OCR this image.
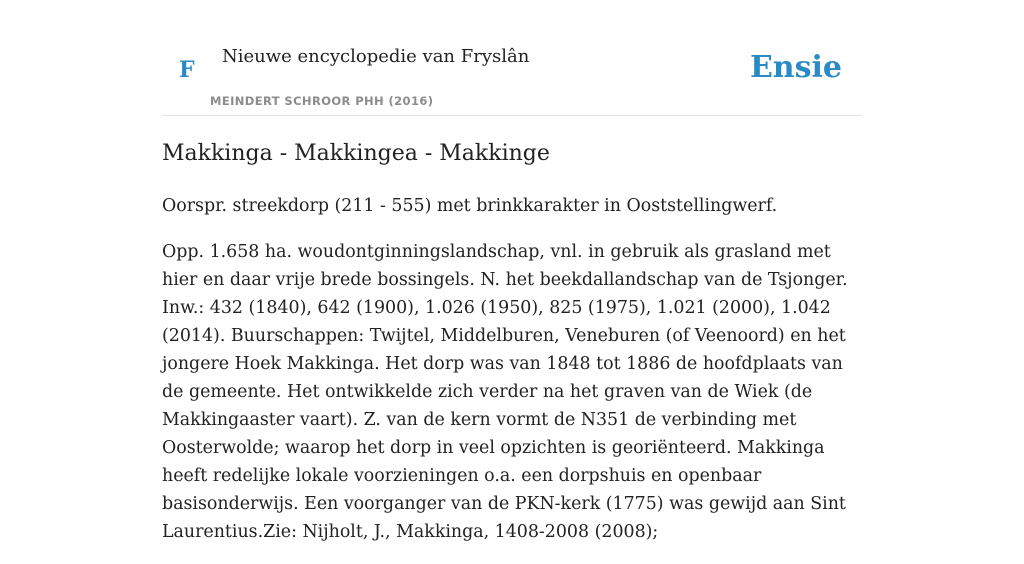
F
Nieuwe encyclopedie van Fryslân
MEINDERT SCHROOR PHH (2016)
Ensie
Makkinga - Makkingea - Makkinge

Oorspr. streekdorp (211 - 555) met brinkkarakter in Ooststellingwerf.

Opp. 1.658 ha. woudontginningslandschap, vnl. in gebruik als grasland met hier en daar vrije brede bossingels. N. het beekdallandschap van de Tsjonger. Inw.: 432 (1840), 642 (1900), 1.026 (1950), 825 (1975), 1.021 (2000), 1.042 (2014). Buurschappen: Twijtel, Middelburen, Veneburen (of Veenoord) en het jongere Hoek Makkinga. Het dorp was van 1848 tot 1886 de hoofdplaats van de gemeente. Het ontwikkelde zich verder na het graven van de Wiek (de Makkingaaster vaart). Z. van de kern vormt de N351 de verbinding met Oosterwolde; waarop het dorp in veel opzichten is georiënteerd. Makkinga heeft redelijke lokale voorzieningen o.a. een dorpshuis en openbaar basisonderwijs. Een voorganger van de PKN-kerk (1775) was gewijd aan Sint Laurentius.Zie: Nijholt, J., Makkinga, 1408-2008 (2008);
